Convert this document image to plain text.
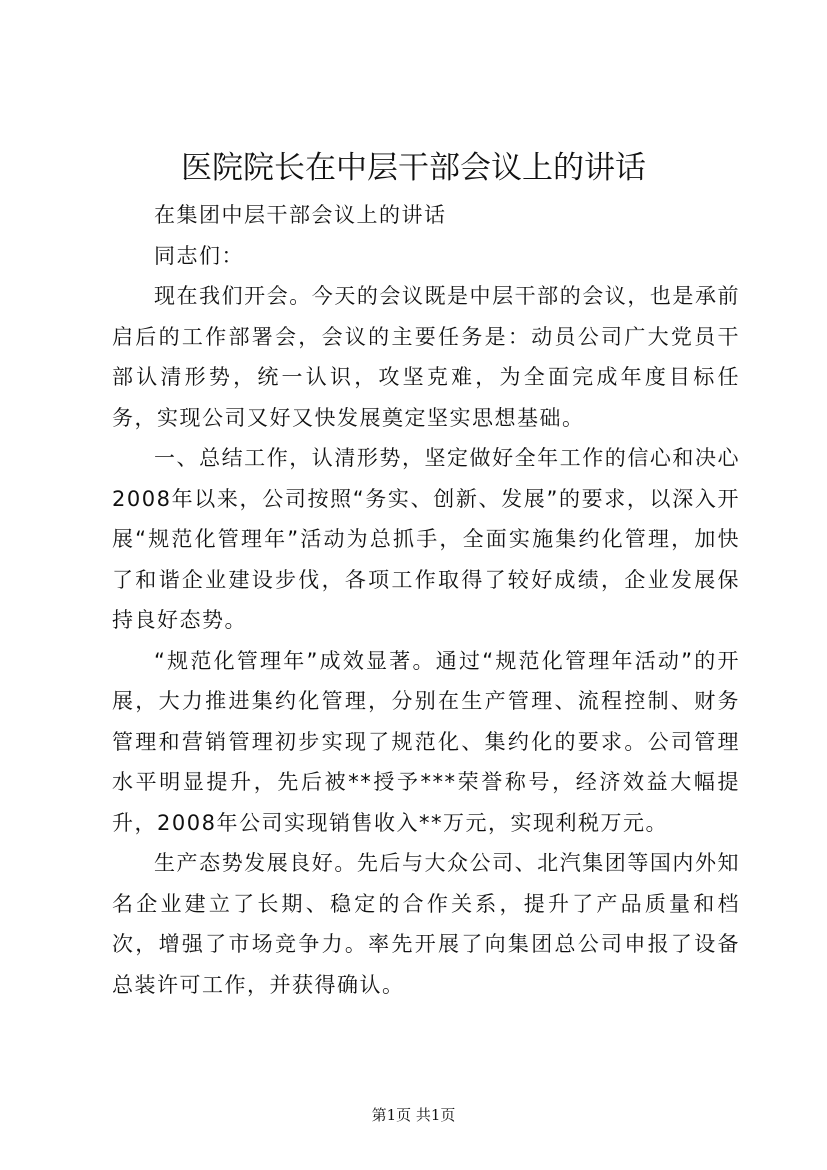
医院院长在中层干部会议上的讲话

在集团中层干部会议上的讲话

同志们：

现在我们开会。今天的会议既是中层干部的会议，也是承前启后的工作部署会，会议的主要任务是：动员公司广大党员干部认清形势，统一认识，攻坚克难，为全面完成年度目标任务，实现公司又好又快发展奠定坚实思想基础。

一、总结工作，认清形势，坚定做好全年工作的信心和决心2008年以来，公司按照“务实、创新、发展”的要求，以深入开展“规范化管理年”活动为总抓手，全面实施集约化管理，加快了和谐企业建设步伐，各项工作取得了较好成绩，企业发展保持良好态势。

“规范化管理年”成效显著。通过“规范化管理年活动”的开展，大力推进集约化管理，分别在生产管理、流程控制、财务管理和营销管理初步实现了规范化、集约化的要求。公司管理水平明显提升，先后被**授予***荣誉称号，经济效益大幅提升，2008年公司实现销售收入**万元，实现利税万元。

生产态势发展良好。先后与大众公司、北汽集团等国内外知名企业建立了长期、稳定的合作关系，提升了产品质量和档次，增强了市场竞争力。率先开展了向集团总公司申报了设备总装许可工作，并获得确认。

第1页 共1页
